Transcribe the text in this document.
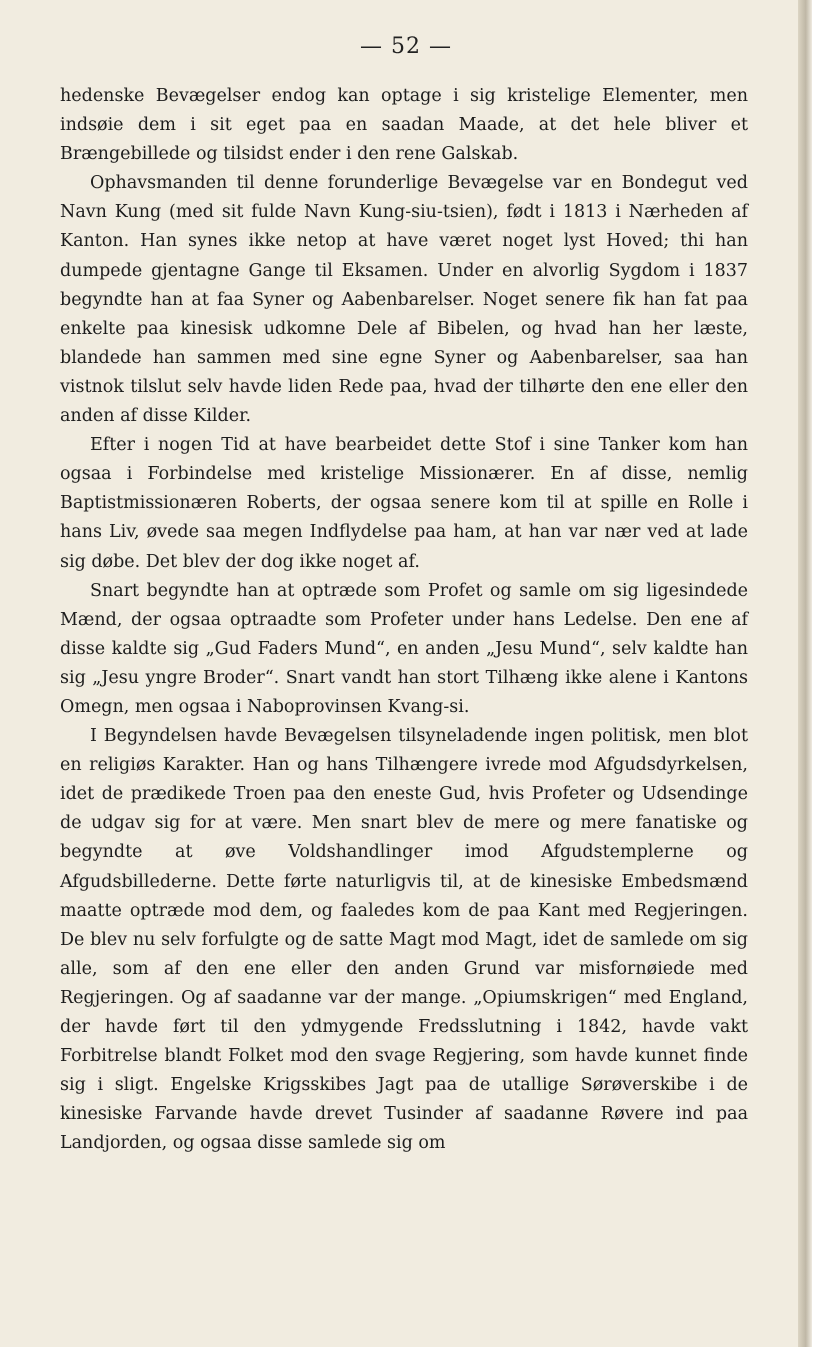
— 52 —

hedenske Bevægelser endog kan optage i sig kristelige Elementer, men indsøie dem i sit eget paa en saadan Maade, at det hele bliver et Brængebillede og tilsidst ender i den rene Galskab.

Ophavsmanden til denne forunderlige Bevægelse var en Bondegut ved Navn Kung (med sit fulde Navn Kung-siu-tsien), født i 1813 i Nærheden af Kanton. Han synes ikke netop at have været noget lyst Hoved; thi han dumpede gjentagne Gange til Eksamen. Under en alvorlig Sygdom i 1837 begyndte han at faa Syner og Aabenbarelser. Noget senere fik han fat paa enkelte paa kinesisk udkomne Dele af Bibelen, og hvad han her læste, blandede han sammen med sine egne Syner og Aabenbarelser, saa han vistnok tilslut selv havde liden Rede paa, hvad der tilhørte den ene eller den anden af disse Kilder.

Efter i nogen Tid at have bearbeidet dette Stof i sine Tanker kom han ogsaa i Forbindelse med kristelige Missionærer. En af disse, nemlig Baptistmissionæren Roberts, der ogsaa senere kom til at spille en Rolle i hans Liv, øvede saa megen Indflydelse paa ham, at han var nær ved at lade sig døbe. Det blev der dog ikke noget af.

Snart begyndte han at optræde som Profet og samle om sig ligesindede Mænd, der ogsaa optraadte som Profeter under hans Ledelse. Den ene af disse kaldte sig „Gud Faders Mund“, en anden „Jesu Mund“, selv kaldte han sig „Jesu yngre Broder“. Snart vandt han stort Tilhæng ikke alene i Kantons Omegn, men ogsaa i Naboprovinsen Kvang-si.

I Begyndelsen havde Bevægelsen tilsyneladende ingen politisk, men blot en religiøs Karakter. Han og hans Tilhængere ivrede mod Afgudsdyrkelsen, idet de prædikede Troen paa den eneste Gud, hvis Profeter og Udsendinge de udgav sig for at være. Men snart blev de mere og mere fanatiske og begyndte at øve Voldshandlinger imod Afgudstemplerne og Afgudsbillederne. Dette førte naturligvis til, at de kinesiske Embedsmænd maatte optræde mod dem, og faaledes kom de paa Kant med Regjeringen. De blev nu selv forfulgte og de satte Magt mod Magt, idet de samlede om sig alle, som af den ene eller den anden Grund var misfornøiede med Regjeringen. Og af saadanne var der mange. „Opiumskrigen“ med England, der havde ført til den ydmygende Fredsslutning i 1842, havde vakt Forbitrelse blandt Folket mod den svage Regjering, som havde kunnet finde sig i sligt. Engelske Krigsskibes Jagt paa de utallige Sørøverskibe i de kinesiske Farvande havde drevet Tusinder af saadanne Røvere ind paa Landjorden, og ogsaa disse samlede sig om
